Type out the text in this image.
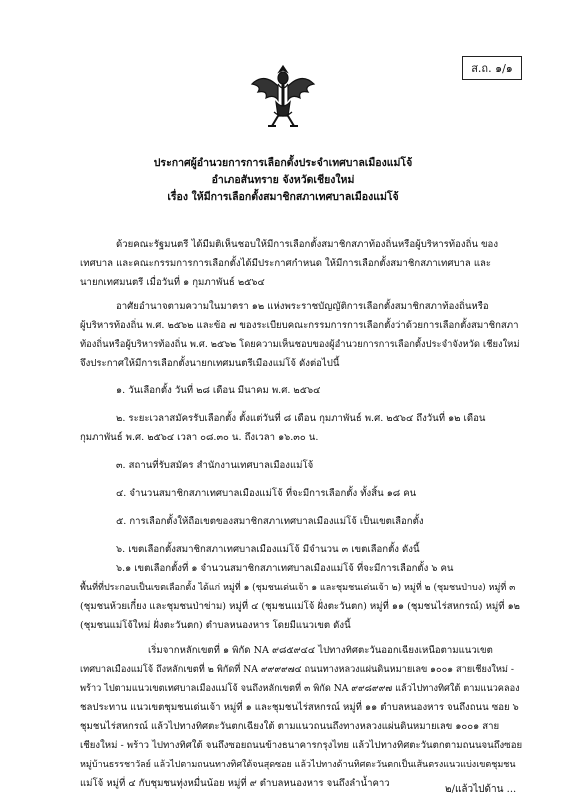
ส.ถ. ๑/๑
ประกาศผู้อำนวยการการเลือกตั้งประจำเทศบาลเมืองแม่โจ้
อำเภอสันทราย จังหวัดเชียงใหม่
เรื่อง ให้มีการเลือกตั้งสมาชิกสภาเทศบาลเมืองแม่โจ้
ด้วยคณะรัฐมนตรี ได้มีมติเห็นชอบให้มีการเลือกตั้งสมาชิกสภาท้องถิ่นหรือผู้บริหารท้องถิ่น ของ
เทศบาล และคณะกรรมการการเลือกตั้งได้มีประกาศกำหนด ให้มีการเลือกตั้งสมาชิกสภาเทศบาล และ
นายกเทศมนตรี เมื่อวันที่ ๑ กุมภาพันธ์ ๒๕๖๔
อาศัยอำนาจตามความในมาตรา ๑๒ แห่งพระราชบัญญัติการเลือกตั้งสมาชิกสภาท้องถิ่นหรือ
ผู้บริหารท้องถิ่น พ.ศ. ๒๕๖๒ และข้อ ๗ ของระเบียบคณะกรรมการการเลือกตั้งว่าด้วยการเลือกตั้งสมาชิกสภา
ท้องถิ่นหรือผู้บริหารท้องถิ่น พ.ศ. ๒๕๖๒ โดยความเห็นชอบของผู้อำนวยการการเลือกตั้งประจำจังหวัด เชียงใหม่
จึงประกาศให้มีการเลือกตั้งนายกเทศมนตรีเมืองแม่โจ้ ดังต่อไปนี้
๑. วันเลือกตั้ง วันที่ ๒๘ เดือน มีนาคม พ.ศ. ๒๕๖๔
๒. ระยะเวลาสมัครรับเลือกตั้ง ตั้งแต่วันที่ ๘ เดือน กุมภาพันธ์ พ.ศ. ๒๕๖๔ ถึงวันที่ ๑๒ เดือน
กุมภาพันธ์ พ.ศ. ๒๕๖๔ เวลา ๐๘.๓๐ น. ถึงเวลา ๑๖.๓๐ น.
๓. สถานที่รับสมัคร สำนักงานเทศบาลเมืองแม่โจ้
๔. จำนวนสมาชิกสภาเทศบาลเมืองแม่โจ้ ที่จะมีการเลือกตั้ง ทั้งสิ้น ๑๘ คน
๕. การเลือกตั้งให้ถือเขตของสมาชิกสภาเทศบาลเมืองแม่โจ้ เป็นเขตเลือกตั้ง
๖. เขตเลือกตั้งสมาชิกสภาเทศบาลเมืองแม่โจ้ มีจำนวน ๓ เขตเลือกตั้ง ดังนี้
๖.๑ เขตเลือกตั้งที่ ๑ จำนวนสมาชิกสภาเทศบาลเมืองแม่โจ้ ที่จะมีการเลือกตั้ง ๖ คน
พื้นที่ที่ประกอบเป็นเขตเลือกตั้ง ได้แก่ หมู่ที่ ๑ (ชุมชนเด่นเจ้า ๑ และชุมชนเด่นเจ้า ๒) หมู่ที่ ๒ (ชุมชนป่าบง) หมู่ที่ ๓
(ชุมชนห้วยเกี๋ยง และชุมชนป่าข่าม) หมู่ที่ ๔ (ชุมชนแม่โจ้ ฝั่งตะวันตก) หมู่ที่ ๑๑ (ชุมชนไร่สหกรณ์) หมู่ที่ ๑๒
(ชุมชนแม่โจ้ใหม่ ฝั่งตะวันตก) ตำบลหนองหาร โดยมีแนวเขต ดังนี้
เริ่มจากหลักเขตที่ ๑ พิกัด NA ๙๘๕๙๔๔ ไปทางทิศตะวันออกเฉียงเหนือตามแนวเขต
เทศบาลเมืองแม่โจ้ ถึงหลักเขตที่ ๒ พิกัดที่ NA ๙๙๙๙๗๔ ถนนทางหลวงแผ่นดินหมายเลข ๑๐๐๑ สายเชียงใหม่ -
พร้าว ไปตามแนวเขตเทศบาลเมืองแม่โจ้ จนถึงหลักเขตที่ ๓ พิกัด NA ๙๙๘๙๙๗ แล้วไปทางทิศใต้ ตามแนวคลอง
ชลประทาน แนวเขตชุมชนเด่นเจ้า หมู่ที่ ๑ และชุมชนไร่สหกรณ์ หมู่ที่ ๑๑ ตำบลหนองหาร จนถึงถนน ซอย ๖
ชุมชนไร่สหกรณ์ แล้วไปทางทิศตะวันตกเฉียงใต้ ตามแนวถนนถึงทางหลวงแผ่นดินหมายเลข ๑๐๐๑ สาย
เชียงใหม่ - พร้าว ไปทางทิศใต้ จนถึงซอยถนนข้างธนาคารกรุงไทย แล้วไปทางทิศตะวันตกตามถนนจนถึงซอย
หมู่บ้านธรรชาวัลย์ แล้วไปตามถนนทางทิศใต้จนสุดซอย แล้วไปทางด้านทิศตะวันตกเป็นเส้นตรงแนวแบ่งเขตชุมชน
แม่โจ้ หมู่ที่ ๔ กับชุมชนทุ่งหมื่นน้อย หมู่ที่ ๙ ตำบลหนองหาร จนถึงลำน้ำคาว
๒/แล้วไปด้าน ...
